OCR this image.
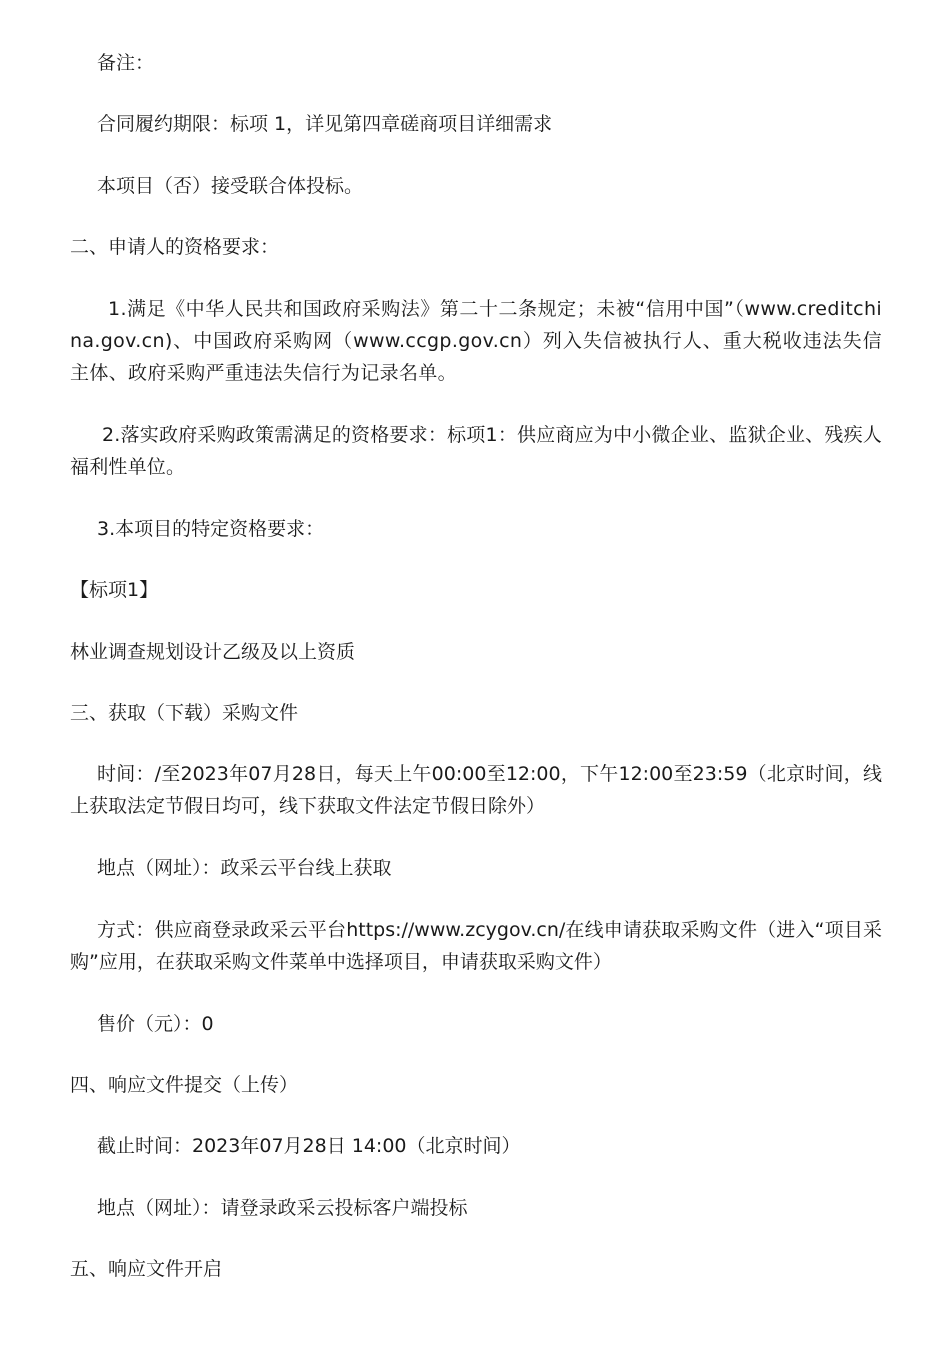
备注：

合同履约期限：标项 1，详见第四章磋商项目详细需求

本项目（否）接受联合体投标。

二、申请人的资格要求：

1.满足《中华人民共和国政府采购法》第二十二条规定；未被“信用中国”（www.creditchina.gov.cn)、中国政府采购网（www.ccgp.gov.cn）列入失信被执行人、重大税收违法失信主体、政府采购严重违法失信行为记录名单。

2.落实政府采购政策需满足的资格要求：标项1：供应商应为中小微企业、监狱企业、残疾人福利性单位。

3.本项目的特定资格要求：

【标项1】

林业调查规划设计乙级及以上资质

三、获取（下载）采购文件

时间：/至2023年07月28日，每天上午00:00至12:00，下午12:00至23:59（北京时间，线上获取法定节假日均可，线下获取文件法定节假日除外）

地点（网址）：政采云平台线上获取

方式：供应商登录政采云平台https://www.zcygov.cn/在线申请获取采购文件（进入“项目采购”应用，在获取采购文件菜单中选择项目，申请获取采购文件）

售价（元）：0

四、响应文件提交（上传）

截止时间：2023年07月28日 14:00（北京时间）

地点（网址）：请登录政采云投标客户端投标

五、响应文件开启
